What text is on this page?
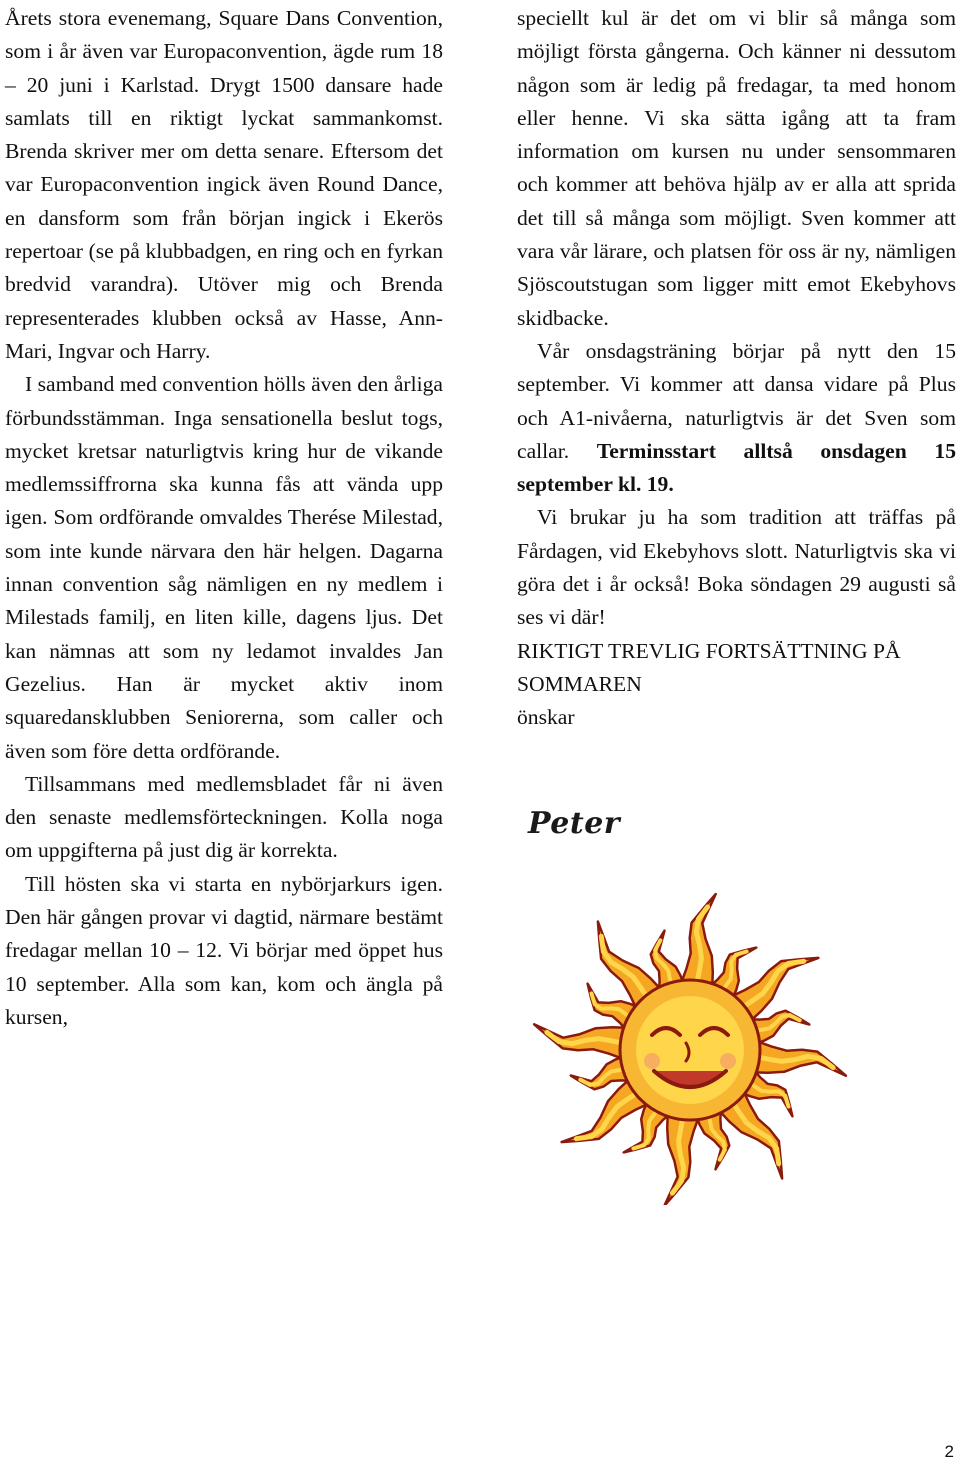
Årets stora evenemang, Square Dans Convention, som i år även var Europaconvention, ägde rum 18 – 20 juni i Karlstad. Drygt 1500 dansare hade samlats till en riktigt lyckat sammankomst. Brenda skriver mer om detta senare. Eftersom det var Europaconvention ingick även Round Dance, en dansform som från början ingick i Ekerös repertoar (se på klubbadgen, en ring och en fyrkan bredvid varandra). Utöver mig och Brenda representerades klubben också av Hasse, Ann-Mari, Ingvar och Harry.

I samband med convention hölls även den årliga förbundsstämman. Inga sensationella beslut togs, mycket kretsar naturligtvis kring hur de vikande medlemssiffrorna ska kunna fås att vända upp igen. Som ordförande omvaldes Therése Milestad, som inte kunde närvara den här helgen. Dagarna innan convention såg nämligen en ny medlem i Milestads familj, en liten kille, dagens ljus. Det kan nämnas att som ny ledamot invaldes Jan Gezelius. Han är mycket aktiv inom squaredansklubben Seniorerna, som caller och även som före detta ordförande.

Tillsammans med medlemsbladet får ni även den senaste medlemsförteckningen. Kolla noga om uppgifterna på just dig är korrekta.

Till hösten ska vi starta en nybörjarkurs igen. Den här gången provar vi dagtid, närmare bestämt fredagar mellan 10 – 12. Vi börjar med öppet hus 10 september. Alla som kan, kom och ängla på kursen,

speciellt kul är det om vi blir så många som möjligt första gångerna. Och känner ni dessutom någon som är ledig på fredagar, ta med honom eller henne. Vi ska sätta igång att ta fram information om kursen nu under sensommaren och kommer att behöva hjälp av er alla att sprida det till så många som möjligt. Sven kommer att vara vår lärare, och platsen för oss är ny, nämligen Sjöscoutstugan som ligger mitt emot Ekebyhovs skidbacke.

Vår onsdagsträning börjar på nytt den 15 september. Vi kommer att dansa vidare på Plus och A1-nivåerna, naturligtvis är det Sven som callar. Terminsstart alltså onsdagen 15 september kl. 19.

Vi brukar ju ha som tradition att träffas på Fårdagen, vid Ekebyhovs slott. Naturligtvis ska vi göra det i år också! Boka söndagen 29 augusti så ses vi där!

RIKTIGT TREVLIG FORTSÄTTNING PÅ SOMMAREN

önskar

Peter
2
